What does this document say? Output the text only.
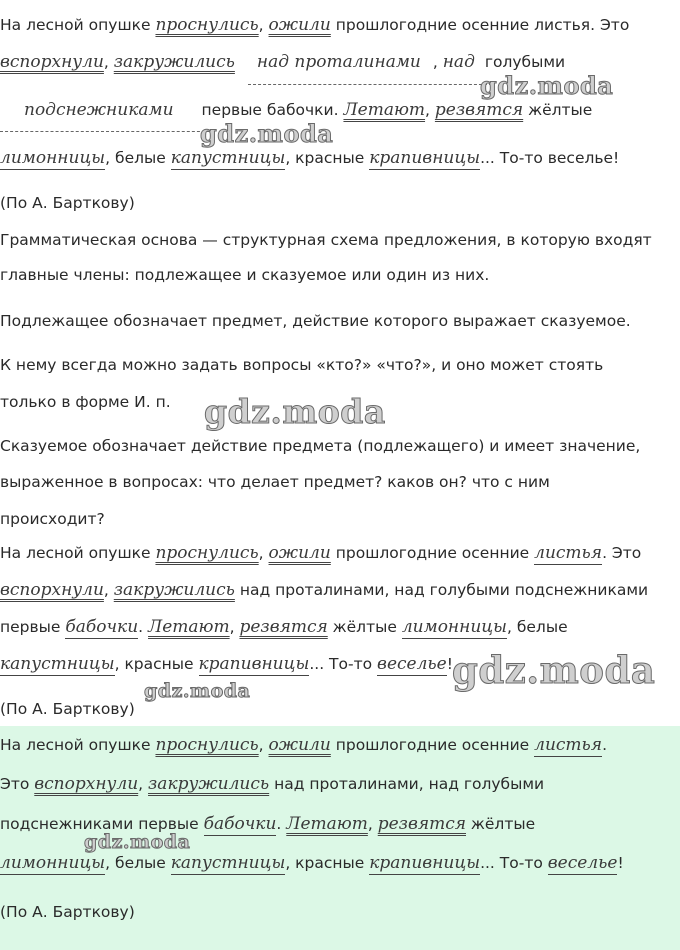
На лесной опушке проснулись, ожили прошлогодние осенние листья. Это
вспорхнули, закружились над проталинами , над голубыми
подснежниками первые бабочки. Летают, резвятся жёлтые
лимонницы, белые капустницы, красные крапивницы... То-то веселье!
(По А. Барткову)
Грамматическая основа — структурная схема предложения, в которую входят
главные члены: подлежащее и сказуемое или один из них.
Подлежащее обозначает предмет, действие которого выражает сказуемое.
К нему всегда можно задать вопросы «кто?» «что?», и оно может стоять
только в форме И. п.
Сказуемое обозначает действие предмета (подлежащего) и имеет значение,
выраженное в вопросах: что делает предмет? каков он? что с ним
происходит?
На лесной опушке проснулись, ожили прошлогодние осенние листья. Это
вспорхнули, закружились над проталинами, над голубыми подснежниками
первые бабочки. Летают, резвятся жёлтые лимонницы, белые
капустницы, красные крапивницы... То-то веселье!
(По А. Барткову)
На лесной опушке проснулись, ожили прошлогодние осенние листья.
Это вспорхнули, закружились над проталинами, над голубыми
подснежниками первые бабочки. Летают, резвятся жёлтые
лимонницы, белые капустницы, красные крапивницы... То-то веселье!
(По А. Барткову)
gdz.moda
gdz.moda
gdz.moda
gdz.moda
gdz.moda
gdz.moda
